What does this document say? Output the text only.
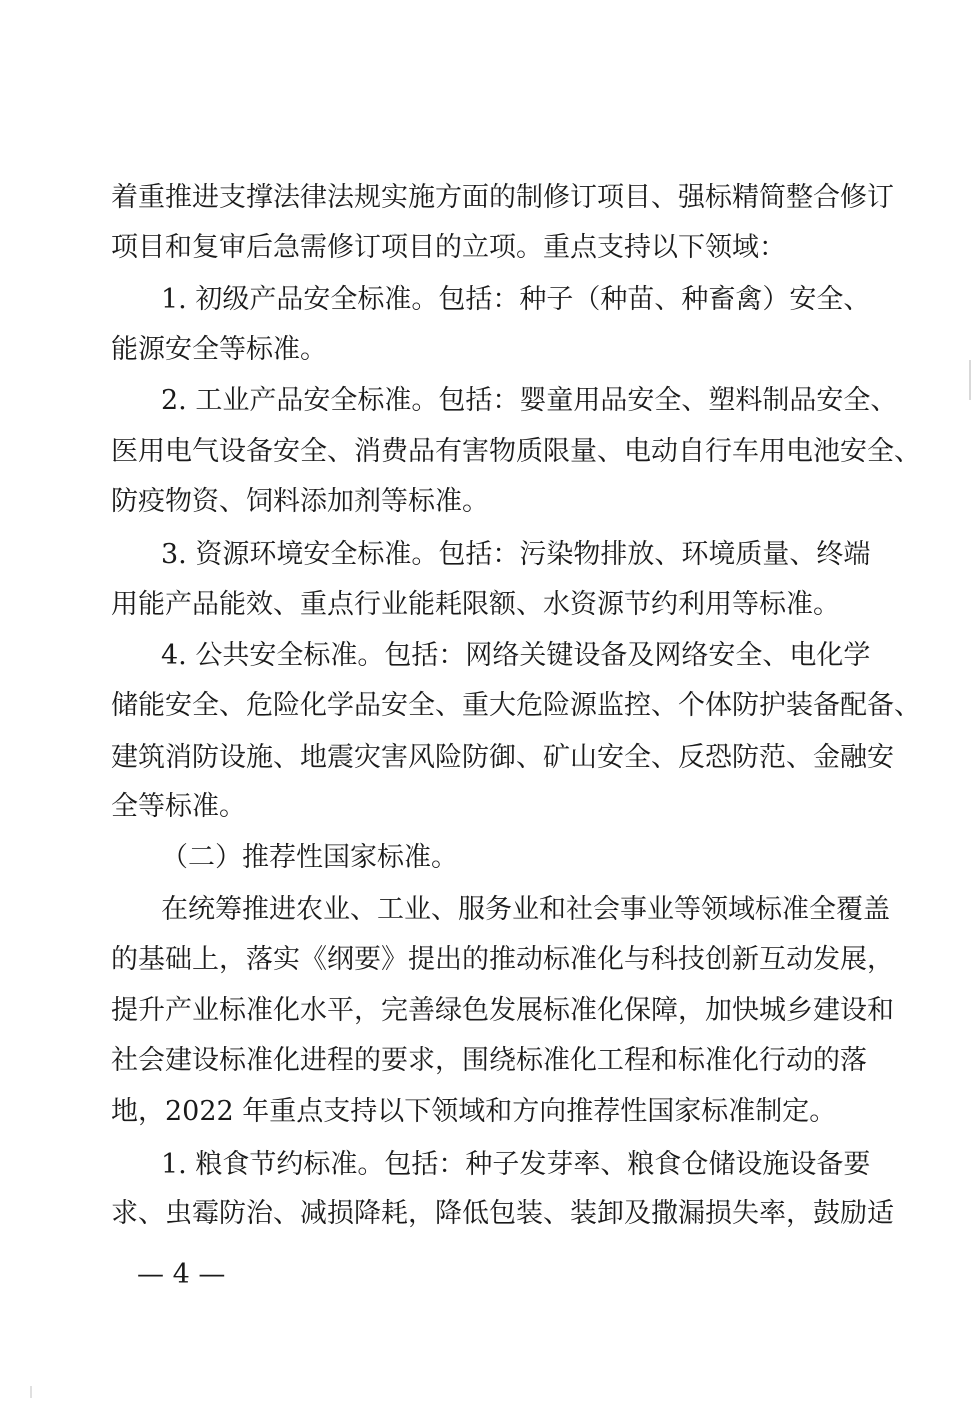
着重推进支撑法律法规实施方面的制修订项目、强标精简整合修订
项目和复审后急需修订项目的立项。重点支持以下领域：
1. 初级产品安全标准。包括：种子（种苗、种畜禽）安全、
能源安全等标准。
2. 工业产品安全标准。包括：婴童用品安全、塑料制品安全、
医用电气设备安全、消费品有害物质限量、电动自行车用电池安全、
防疫物资、饲料添加剂等标准。
3. 资源环境安全标准。包括：污染物排放、环境质量、终端
用能产品能效、重点行业能耗限额、水资源节约利用等标准。
4. 公共安全标准。包括：网络关键设备及网络安全、电化学
储能安全、危险化学品安全、重大危险源监控、个体防护装备配备、
建筑消防设施、地震灾害风险防御、矿山安全、反恐防范、金融安
全等标准。
（二）推荐性国家标准。
在统筹推进农业、工业、服务业和社会事业等领域标准全覆盖
的基础上，落实《纲要》提出的推动标准化与科技创新互动发展，
提升产业标准化水平，完善绿色发展标准化保障，加快城乡建设和
社会建设标准化进程的要求，围绕标准化工程和标准化行动的落
地，2022 年重点支持以下领域和方向推荐性国家标准制定。
1. 粮食节约标准。包括：种子发芽率、粮食仓储设施设备要
求、虫霉防治、减损降耗，降低包装、装卸及撒漏损失率，鼓励适
— 4 —
